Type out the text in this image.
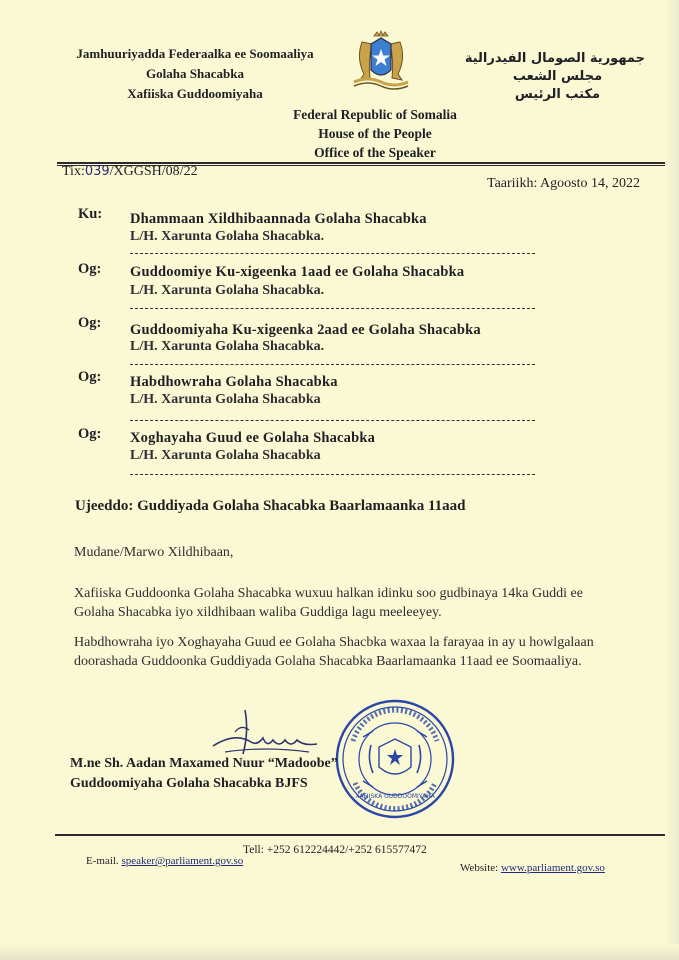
Jamhuuriyadda Federaalka ee Soomaaliya
Golaha Shacabka
Xafiiska Guddoomiyaha
جمهورية الصومال الفيدرالية
مجلس الشعب
مكتب الرئيس
Federal Republic of Somalia
House of the People
Office of the Speaker
Tix:039/XGGSH/08/22
Taariikh: Agoosto 14, 2022
Ku: Dhammaan Xildhibaannada Golaha Shacabka
L/H. Xarunta Golaha Shacabka.
Og: Guddoomiye Ku-xigeenka 1aad ee Golaha Shacabka
L/H. Xarunta Golaha Shacabka.
Og: Guddoomiyaha Ku-xigeenka 2aad ee Golaha Shacabka
L/H. Xarunta Golaha Shacabka.
Og: Habdhowraha Golaha Shacabka
L/H. Xarunta Golaha Shacabka
Og: Xoghayaha Guud ee Golaha Shacabka
L/H. Xarunta Golaha Shacabka
Ujeeddo: Guddiyada Golaha Shacabka Baarlamaanka 11aad
Mudane/Marwo Xildhibaan,
Xafiiska Guddoonka Golaha Shacabka wuxuu halkan idinku soo gudbinaya 14ka Guddi ee Golaha Shacabka iyo xildhibaan waliba Guddiga lagu meeleeyey.
Habdhowraha iyo Xoghayaha Guud ee Golaha Shacbka waxaa la farayaa in ay u howlgalaan doorashada Guddoonka Guddiyada Golaha Shacabka Baarlamaanka 11aad ee Soomaaliya.
XAFIISKA GUDDOOMIYAHA
M.ne Sh. Aadan Maxamed Nuur “Madoobe”
Guddoomiyaha Golaha Shacabka BJFS
Tell: +252 612224442/+252 615577472
E-mail. speaker@parliament.gov.so
Website: www.parliament.gov.so
